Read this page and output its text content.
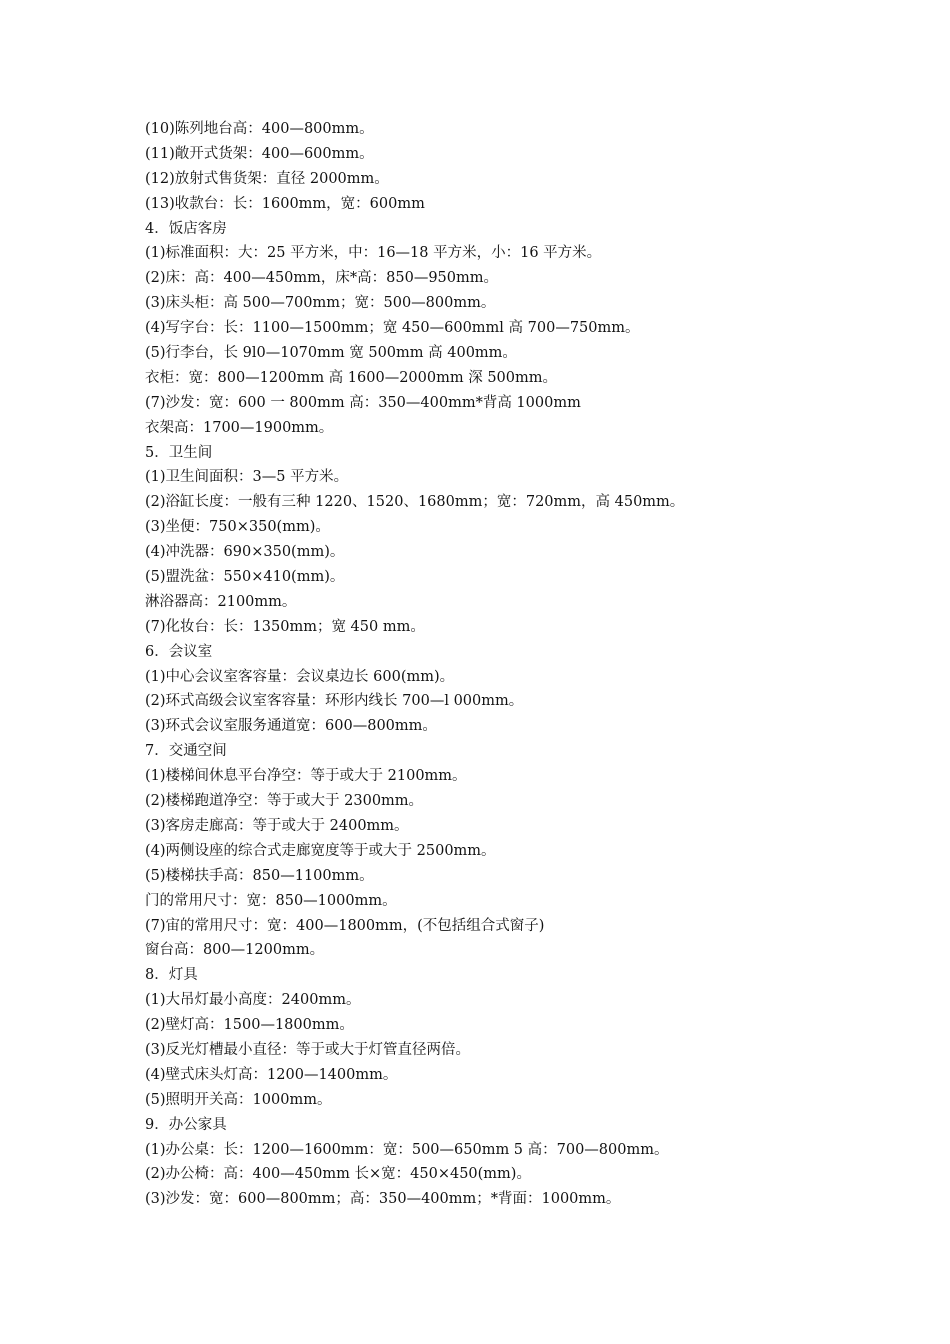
(10)陈列地台高：400—800mm。
(11)敞开式货架：400—600mm。
(12)放射式售货架：直径 2000mm。
(13)收款台：长：1600mm，宽：600mm
4．饭店客房
(1)标准面积：大：25 平方米，中：16—18 平方米，小：16 平方米。
(2)床：高：400—450mm，床*高：850—950mm。
(3)床头柜：高 500—700mm；宽：500—800mm。
(4)写字台：长：1100—1500mm；宽 450—600mml 高 700—750mm。
(5)行李台，长 9l0—1070mm 宽 500mm 高 400mm。
衣柜：宽：800—1200mm 高 1600—2000mm 深 500mm。
(7)沙发：宽：600 一 800mm 高：350—400mm*背高 1000mm
衣架高：1700—1900mm。
5．卫生间
(1)卫生间面积：3—5 平方米。
(2)浴缸长度：一般有三种 1220、1520、1680mm；宽：720mm，高 450mm。
(3)坐便：750×350(mm)。
(4)冲洗器：690×350(mm)。
(5)盟洗盆：550×410(mm)。
淋浴器高：2100mm。
(7)化妆台：长：1350mm；宽 450 mm。
6．会议室
(1)中心会议室客容量：会议桌边长 600(mm)。
(2)环式高级会议室客容量：环形内线长 700—l 000mm。
(3)环式会议室服务通道宽：600—800mm。
7．交通空间
(1)楼梯间休息平台净空：等于或大于 2100mm。
(2)楼梯跑道净空：等于或大于 2300mm。
(3)客房走廊高：等于或大于 2400mm。
(4)两侧设座的综合式走廊宽度等于或大于 2500mm。
(5)楼梯扶手高：850—1100mm。
门的常用尺寸：宽：850—1000mm。
(7)宙的常用尺寸：宽：400—1800mm，(不包括组合式窗子)
窗台高：800—1200mm。
8．灯具
(1)大吊灯最小高度：2400mm。
(2)壁灯高：1500—1800mm。
(3)反光灯槽最小直径：等于或大于灯管直径两倍。
(4)壁式床头灯高：1200—1400mm。
(5)照明开关高：1000mm。
9．办公家具
(1)办公桌：长：1200—1600mm：宽：500—650mm 5 高：700—800mm。
(2)办公椅：高：400—450mm 长×宽：450×450(mm)。
(3)沙发：宽：600—800mm；高：350—400mm；*背面：1000mm。
